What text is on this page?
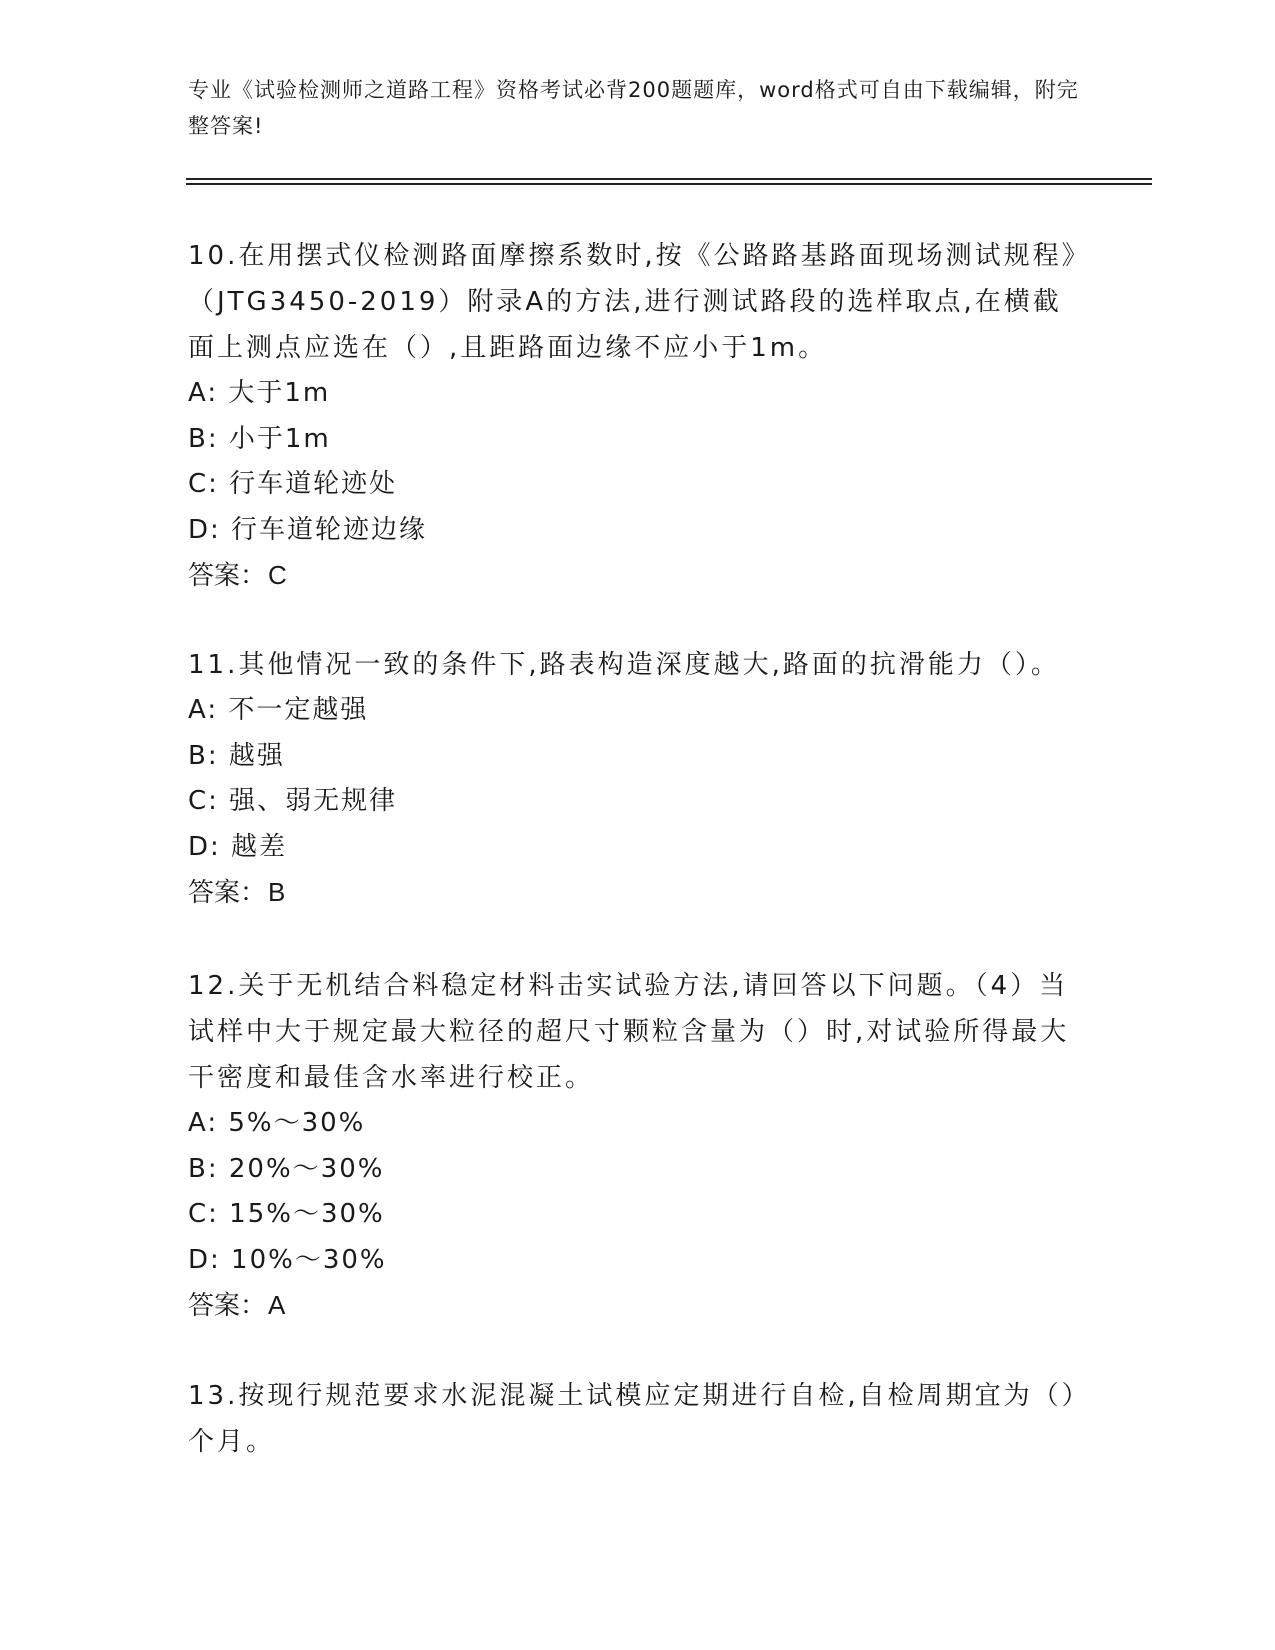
专业《试验检测师之道路工程》资格考试必背200题题库，word格式可自由下载编辑，附完整答案!

10.在用摆式仪检测路面摩擦系数时,按《公路路基路面现场测试规程》（JTG3450-2019）附录A的方法,进行测试路段的选样取点,在横截面上测点应选在（）,且距路面边缘不应小于1m。

A: 大于1m

B: 小于1m

C: 行车道轮迹处

D: 行车道轮迹边缘

答案：C

11.其他情况一致的条件下,路表构造深度越大,路面的抗滑能力（）。

A: 不一定越强

B: 越强

C: 强、弱无规律

D: 越差

答案：B

12.关于无机结合料稳定材料击实试验方法,请回答以下问题。（4）当试样中大于规定最大粒径的超尺寸颗粒含量为（）时,对试验所得最大干密度和最佳含水率进行校正。

A: 5%～30%

B: 20%～30%

C: 15%～30%

D: 10%～30%

答案：A

13.按现行规范要求水泥混凝土试模应定期进行自检,自检周期宜为（）个月。
